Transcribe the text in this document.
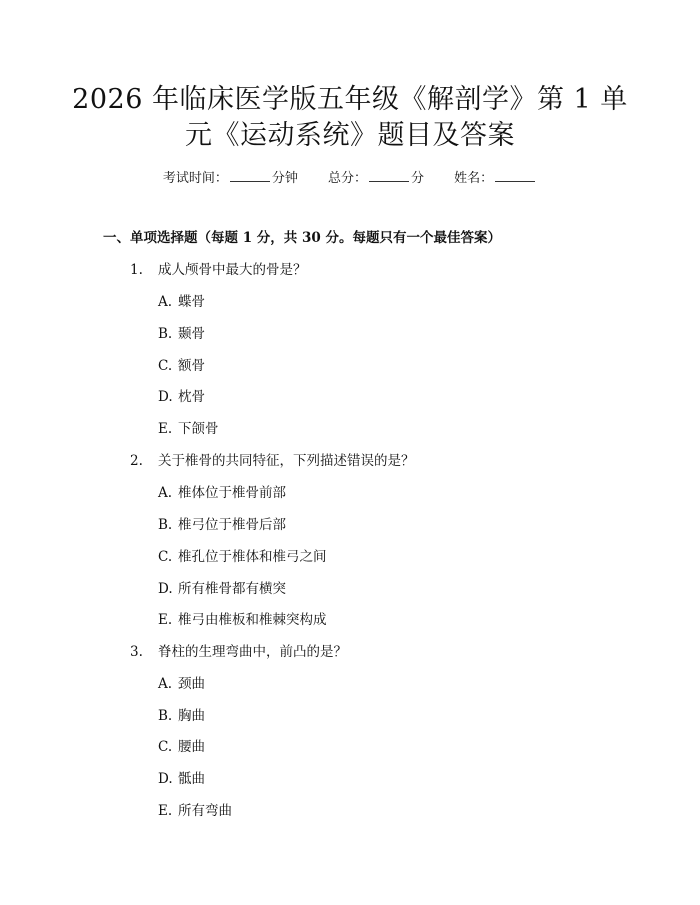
2026 年临床医学版五年级《解剖学》第 1 单
元《运动系统》题目及答案
考试时间：	分钟 总分：	分 姓名：
一、单项选择题（每题 1 分，共 30 分。每题只有一个最佳答案）
1. 成人颅骨中最大的骨是？
A. 蝶骨
B. 颞骨
C. 额骨
D. 枕骨
E. 下颌骨
2. 关于椎骨的共同特征，下列描述错误的是？
A. 椎体位于椎骨前部
B. 椎弓位于椎骨后部
C. 椎孔位于椎体和椎弓之间
D. 所有椎骨都有横突
E. 椎弓由椎板和椎棘突构成
3. 脊柱的生理弯曲中，前凸的是？
A. 颈曲
B. 胸曲
C. 腰曲
D. 骶曲
E. 所有弯曲
